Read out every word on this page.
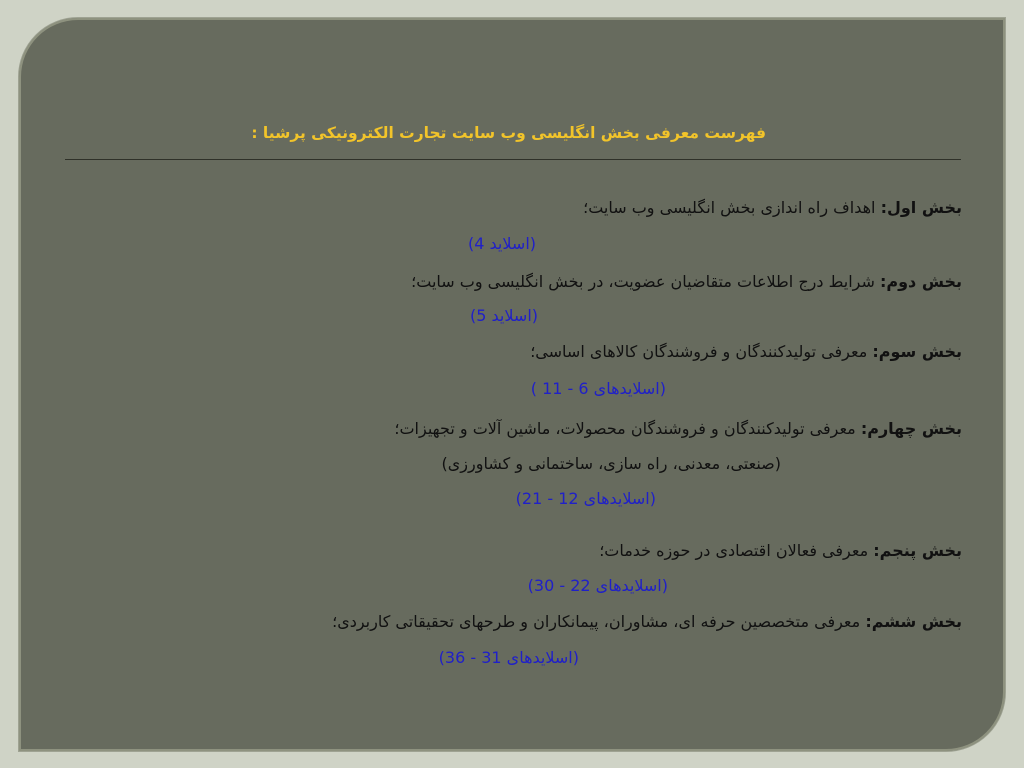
فهرست معرفی بخش انگلیسی وب سایت تجارت الکترونیکی پرشیا :
بخش اول: اهداف راه اندازی بخش انگلیسی وب سایت؛
(اسلاید 4)
بخش دوم: شرایط درج اطلاعات متقاضیان عضویت، در بخش انگلیسی وب سایت؛
(اسلاید 5)
بخش سوم: معرفی تولیدکنندگان و فروشندگان کالاهای اساسی؛
(اسلایدهای 6 - 11 )
بخش چهارم: معرفی تولیدکنندگان و فروشندگان محصولات، ماشین آلات و تجهیزات؛
(صنعتی، معدنی، راه سازی، ساختمانی و کشاورزی)
(اسلایدهای 12 - 21)
بخش پنجم: معرفی فعالان اقتصادی در حوزه خدمات؛
(اسلایدهای 22 - 30)
بخش ششم: معرفی متخصصین حرفه ای، مشاوران، پیمانکاران و طرحهای تحقیقاتی کاربردی؛
(اسلایدهای 31 - 36)
